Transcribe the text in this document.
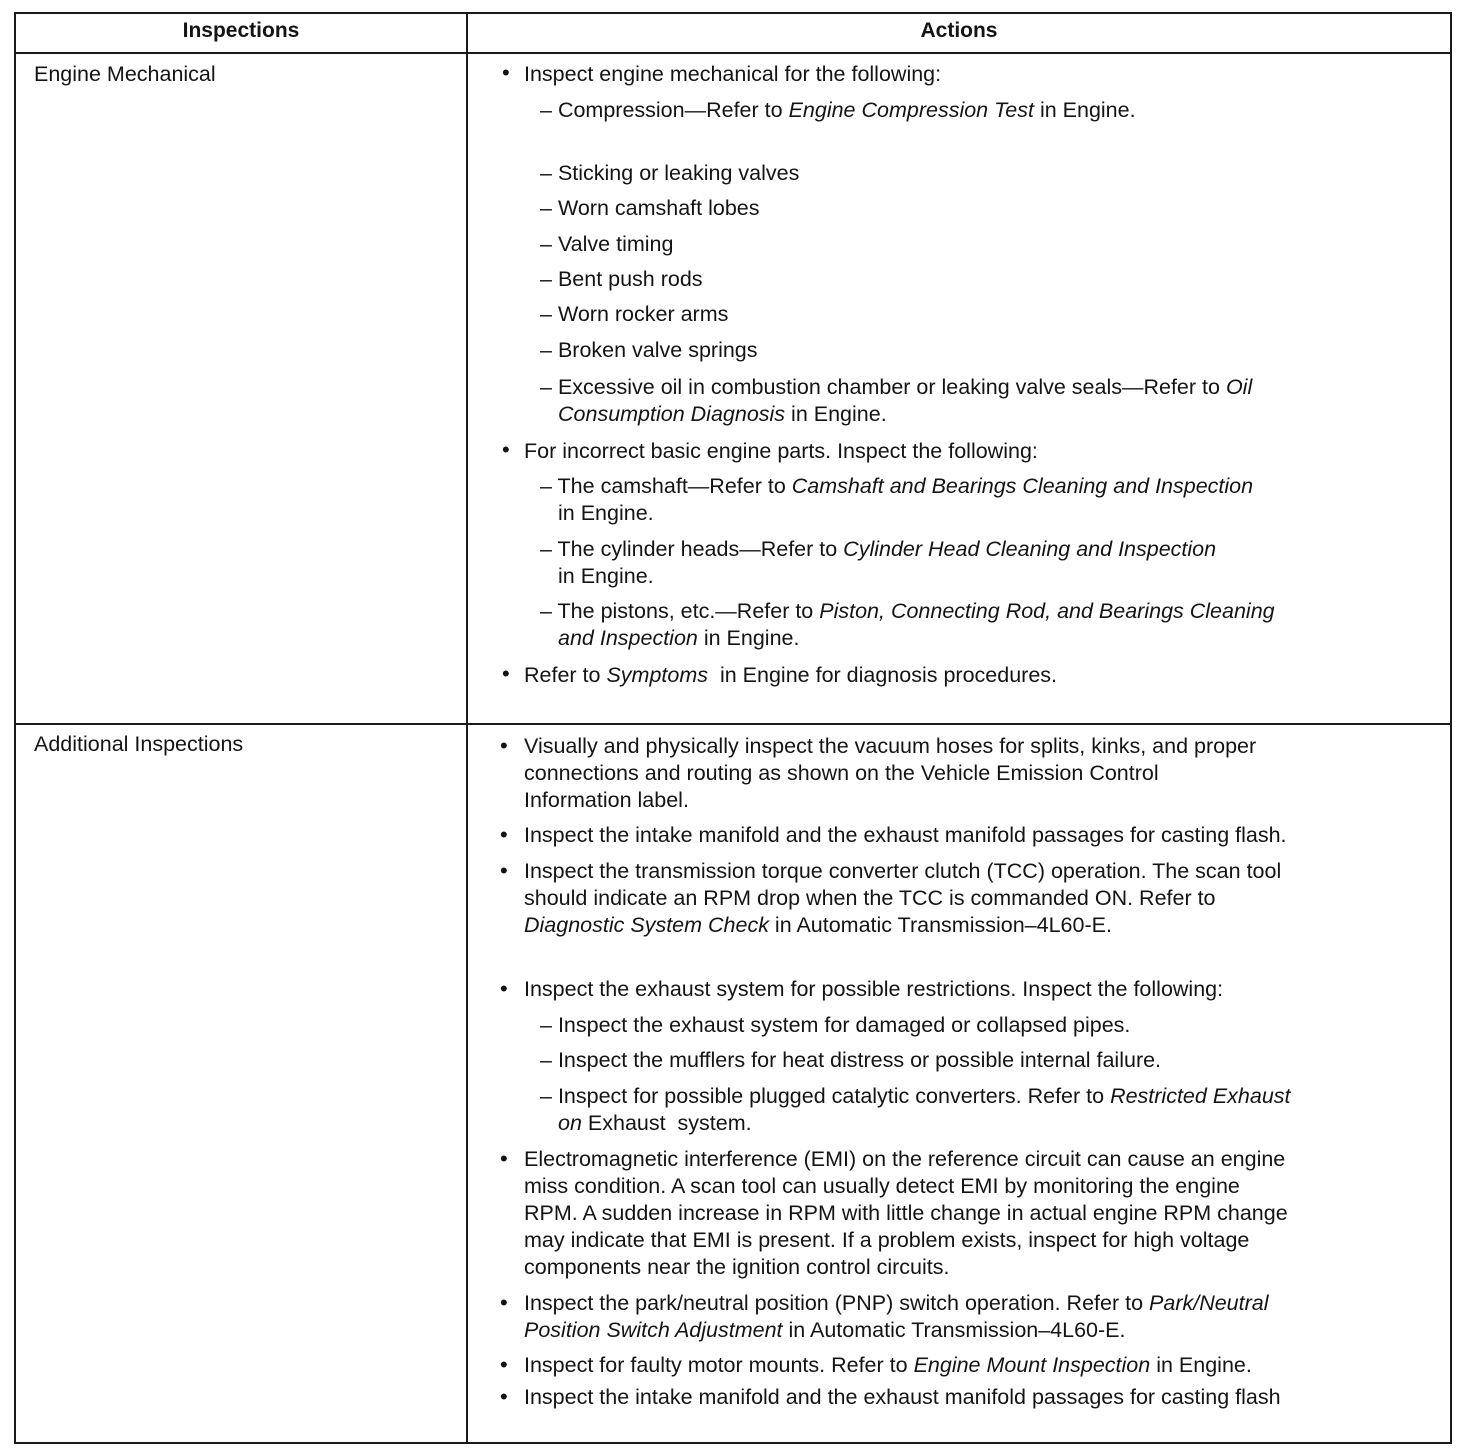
Inspections	Actions
Engine Mechanical
Additional Inspections
• Inspect engine mechanical for the following:
– Compression—Refer to Engine Compression Test in Engine.
– Sticking or leaking valves
– Worn camshaft lobes
– Valve timing
– Bent push rods
– Worn rocker arms
– Broken valve springs
– Excessive oil in combustion chamber or leaking valve seals—Refer to Oil
Consumption Diagnosis in Engine.
• For incorrect basic engine parts. Inspect the following:
– The camshaft—Refer to Camshaft and Bearings Cleaning and Inspection
in Engine.
– The cylinder heads—Refer to Cylinder Head Cleaning and Inspection
in Engine.
– The pistons, etc.—Refer to Piston, Connecting Rod, and Bearings Cleaning
and Inspection in Engine.
• Refer to Symptoms  in Engine for diagnosis procedures.
• Visually and physically inspect the vacuum hoses for splits, kinks, and proper
connections and routing as shown on the Vehicle Emission Control
Information label.
• Inspect the intake manifold and the exhaust manifold passages for casting flash.
• Inspect the transmission torque converter clutch (TCC) operation. The scan tool
should indicate an RPM drop when the TCC is commanded ON. Refer to
Diagnostic System Check in Automatic Transmission–4L60-E.
• Inspect the exhaust system for possible restrictions. Inspect the following:
– Inspect the exhaust system for damaged or collapsed pipes.
– Inspect the mufflers for heat distress or possible internal failure.
– Inspect for possible plugged catalytic converters. Refer to Restricted Exhaust
on Exhaust  system.
• Electromagnetic interference (EMI) on the reference circuit can cause an engine
miss condition. A scan tool can usually detect EMI by monitoring the engine
RPM. A sudden increase in RPM with little change in actual engine RPM change
may indicate that EMI is present. If a problem exists, inspect for high voltage
components near the ignition control circuits.
• Inspect the park/neutral position (PNP) switch operation. Refer to Park/Neutral
Position Switch Adjustment in Automatic Transmission–4L60-E.
• Inspect for faulty motor mounts. Refer to Engine Mount Inspection in Engine.
• Inspect the intake manifold and the exhaust manifold passages for casting flash
